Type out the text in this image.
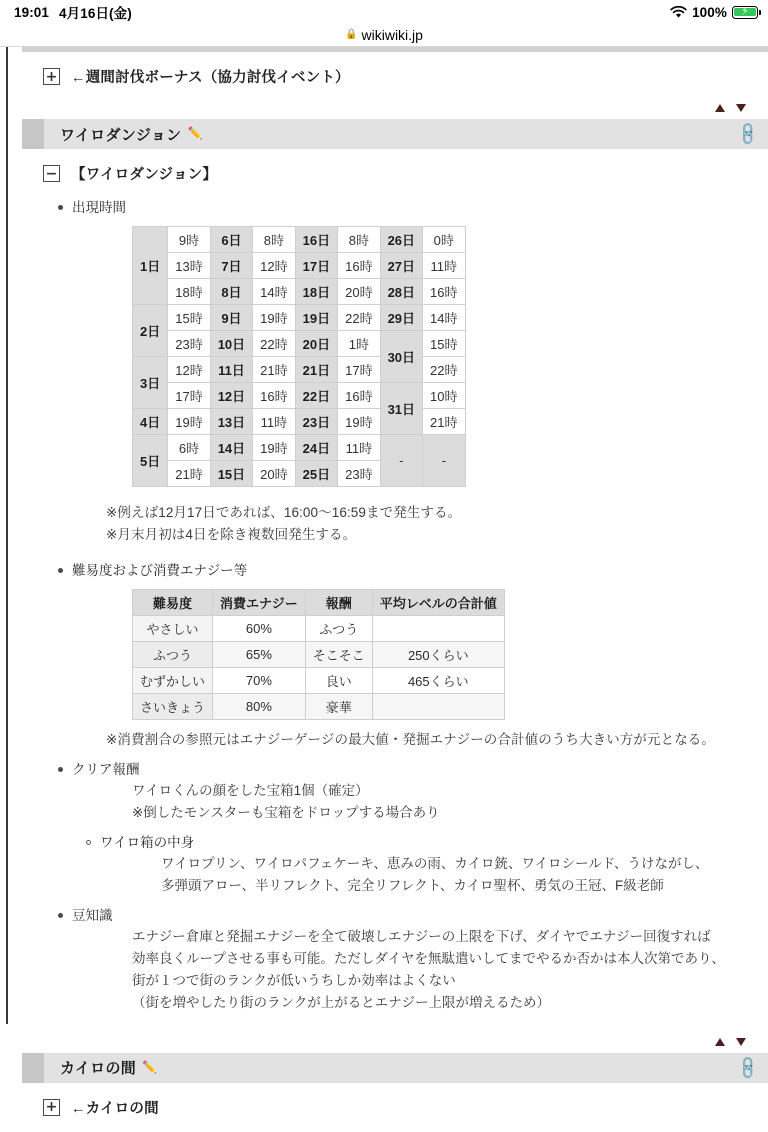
19:01 4月16日(金)	100%	⚡
🔒 wikiwiki.jp
+ ←週間討伐ボーナス（協力討伐イベント）
ワイロダンジョン ✏️	🔗
− 【ワイロダンジョン】
出現時間
1日	9時	6日	8時	16日	8時	26日	0時
	13時	7日	12時	17日	16時	27日	11時
	18時	8日	14時	18日	20時	28日	16時
2日	15時	9日	19時	19日	22時	29日	14時
	23時	10日	22時	20日	1時	30日	15時
3日	12時	11日	21時	21日	17時		22時
	17時	12日	16時	22日	16時	31日	10時
4日	19時	13日	11時	23日	19時		21時
5日	6時	14日	19時	24日	11時	-	-
	21時	15日	20時	25日	23時		
※例えば12月17日であれば、16:00〜16:59まで発生する。
※月末月初は4日を除き複数回発生する。
難易度および消費エナジー等
難易度	消費エナジー	報酬	平均レベルの合計値
やさしい	60%	ふつう	
ふつう	65%	そこそこ	250くらい
むずかしい	70%	良い	465くらい
さいきょう	80%	豪華	
※消費割合の参照元はエナジーゲージの最大値・発掘エナジーの合計値のうち大きい方が元となる。
クリア報酬
ワイロくんの顔をした宝箱1個（確定）
※倒したモンスターも宝箱をドロップする場合あり
ワイロ箱の中身
ワイロプリン、ワイロパフェケーキ、恵みの雨、カイロ銃、ワイロシールド、うけながし、
多弾頭アロー、半リフレクト、完全リフレクト、カイロ聖杯、勇気の王冠、F級老師
豆知識
エナジー倉庫と発掘エナジーを全て破壊しエナジーの上限を下げ、ダイヤでエナジー回復すれば
効率良くループさせる事も可能。ただしダイヤを無駄遣いしてまでやるか否かは本人次第であり、
街が１つで街のランクが低いうちしか効率はよくない
（街を増やしたり街のランクが上がるとエナジー上限が増えるため）
カイロの間 ✏️	🔗
+ ←カイロの間
